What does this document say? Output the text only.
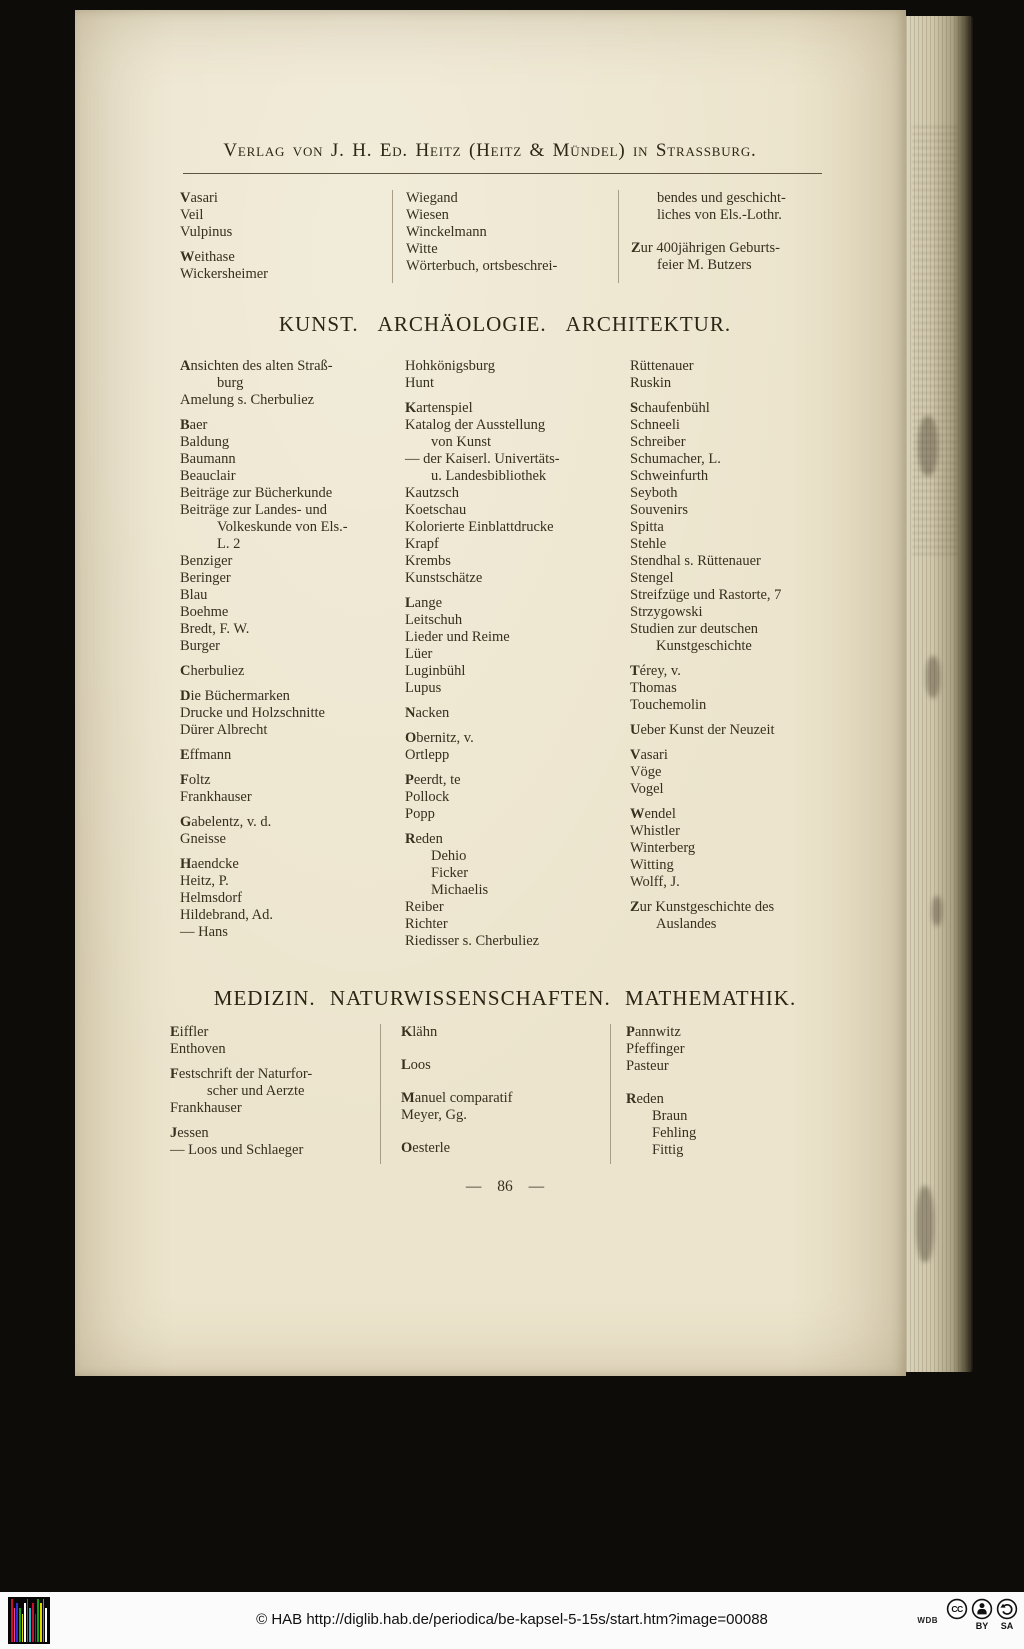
Verlag von J. H. Ed. Heitz (Heitz & Mündel) in Strassburg.
Vasari
Veil
Vulpinus
Weithase
Wickersheimer
Wiegand
Wiesen
Winckelmann
Witte
Wörterbuch, ortsbeschrei-
bendes und geschicht-
liches von Els.-Lothr.
Zur 400jährigen Geburts-
feier M. Butzers
KUNST. ARCHÄOLOGIE. ARCHITEKTUR.
Ansichten des alten Straß-
burg
Amelung s. Cherbuliez
Baer
Baldung
Baumann
Beauclair
Beiträge zur Bücherkunde
Beiträge zur Landes- und
Volkeskunde von Els.-
L. 2
Benziger
Beringer
Blau
Boehme
Bredt, F. W.
Burger
Cherbuliez
Die Büchermarken
Drucke und Holzschnitte
Dürer Albrecht
Effmann
Foltz
Frankhauser
Gabelentz, v. d.
Gneisse
Haendcke
Heitz, P.
Helmsdorf
Hildebrand, Ad.
— Hans
Hohkönigsburg
Hunt
Kartenspiel
Katalog der Ausstellung
von Kunst
— der Kaiserl. Univertäts-
u. Landesbibliothek
Kautzsch
Koetschau
Kolorierte Einblattdrucke
Krapf
Krembs
Kunstschätze
Lange
Leitschuh
Lieder und Reime
Lüer
Luginbühl
Lupus
Nacken
Obernitz, v.
Ortlepp
Peerdt, te
Pollock
Popp
Reden
Dehio
Ficker
Michaelis
Reiber
Richter
Riedisser s. Cherbuliez
Rüttenauer
Ruskin
Schaufenbühl
Schneeli
Schreiber
Schumacher, L.
Schweinfurth
Seyboth
Souvenirs
Spitta
Stehle
Stendhal s. Rüttenauer
Stengel
Streifzüge und Rastorte, 7
Strzygowski
Studien zur deutschen
Kunstgeschichte
Térey, v.
Thomas
Touchemolin
Ueber Kunst der Neuzeit
Vasari
Vöge
Vogel
Wendel
Whistler
Winterberg
Witting
Wolff, J.
Zur Kunstgeschichte des
Auslandes
MEDIZIN. NATURWISSENSCHAFTEN. MATHEMATHIK.
Eiffler
Enthoven
Festschrift der Naturfor-
scher und Aerzte
Frankhauser
Jessen
— Loos und Schlaeger
Klähn
Loos
Manuel comparatif
Meyer, Gg.
Oesterle
Pannwitz
Pfeffinger
Pasteur
Reden
Braun
Fehling
Fittig
— 86 —
© HAB http://diglib.hab.de/periodica/be-kapsel-5-15s/start.htm?image=00088	WDB
CC
BY SA
